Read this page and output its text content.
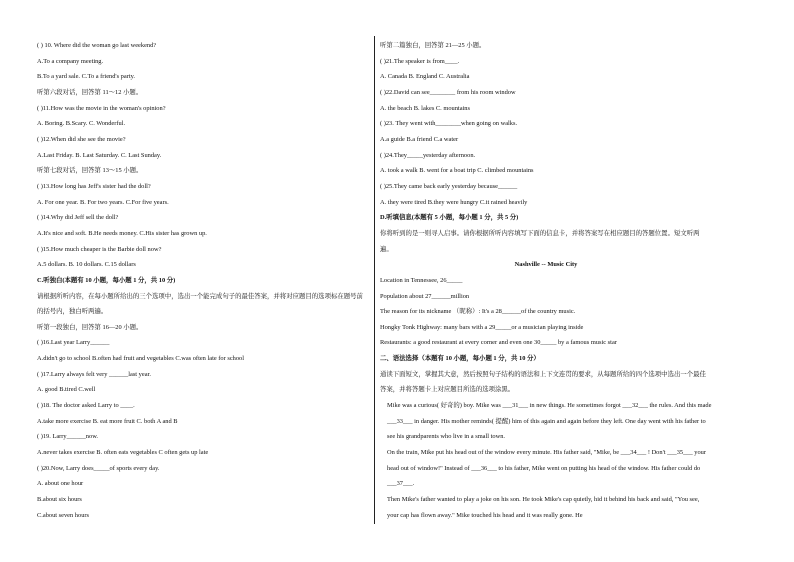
( ) 10. Where did the woman go last weekend?
A.To a company meeting.
B.To a yard sale. C.To a friend's party.
听第六段对话，回答第 11～12 小题。
( )11.How was the movie in the woman's opinion?
A. Boring. B.Scary. C. Wonderful.
( )12.When did she see the movie?
A.Last Friday. B. Last Saturday. C. Last Sunday.
听第七段对话，回答第 13～15 小题。
( )13.How long has Jeff's sister had the doll?
A. For one year. B. For two years. C.For five years.
( )14.Why did Jeff sell the doll?
A.It's nice and soft. B.He needs money. C.His sister has grown up.
( )15.How much cheaper is the Barbie doll now?
A.5 dollars. B. 10 dollars. C.15 dollars
C.听独白(本题有 10 小题，每小题 1 分，共 10 分)
请根据所听内容，在每小题所给出的三个选项中，选出一个能完成句子的最佳答案，并将对应题目的选项标在题号前的括号内，独白听两遍。
听第一段独白，回答第 16—20 小题。
( )16.Last year Larry______
A.didn't go to school B.often had fruit and vegetables C.was often late for school
( )17.Larry always felt very ______last year.
A. good B.tired C.well
( )18. The doctor asked Larry to ____.
A.take more exercise B. eat more fruit C. both A and B
( )19. Larry______now.
A.never takes exercise B. often eats vegetables C often gets up late
( )20.Now, Larry does_____of sports every day.
A. about one hour
B.about six hours
C.about seven hours
听第二篇独白，回答第 21—25 小题。
( )21.The speaker is from____.
A. Canada B. England C. Australia
( )22.David can see________ from his room window
A. the beach B. lakes C. mountains
( )23. They went with________when going on walks.
A.a guide B.a friend C.a water
( )24.They_____yesterday afternoon.
A. took a walk B. went for a boat trip C. climbed mountains
( )25.They came back early yesterday because______
A. they were tired B.they were hungry C.it rained heavily
D.听填信息(本题有 5 小题，每小题 1 分，共 5 分)
你将听到的是一则寻人启事。请你根据所听内容填写下面的信息卡，并将答案写在相应题目的答题位置。短文听两遍。
Nashville -- Music City
Location in Tennessee, 26_____
Population about 27______million
The reason for its nickname （昵称）: It's a 28______of the country music.
Hongky Tonk Highway: many bars with a 29_____or a musician playing inside
Restaurants: a good restaurant at every corner and even one 30_____ by a famous music star
二、语法选择（本题有 10 小题，每小题 1 分，共 10 分）
通读下面短文，掌握其大意，然后按照句子结构的语法和上下文连贯的要求，从每题所给的四个选项中选出一个最佳答案，并将答题卡上对应题目所选的选项涂黑。
Mike was a curious( 好奇的) boy. Mike was ___31___ in new things. He sometimes forgot ___32___ the rules. And this made ___33___ in danger. His mother reminds( 提醒) him of this again and again before they left. One day went with his father to see his grandparents who live in a small town.
On the train, Mike put his head out of the window every minute. His father said, "Mike, be ___34___ ! Don't ___35___ your head out of window!" Instead of ___36___ to his father, Mike went on putting his head of the window. His father could do ___37___.
Then Mike's father wanted to play a joke on his son. He took Mike's cap quietly, hid it behind his back and said, "You see, your cap has flown away." Mike touched his head and it was really gone. He
